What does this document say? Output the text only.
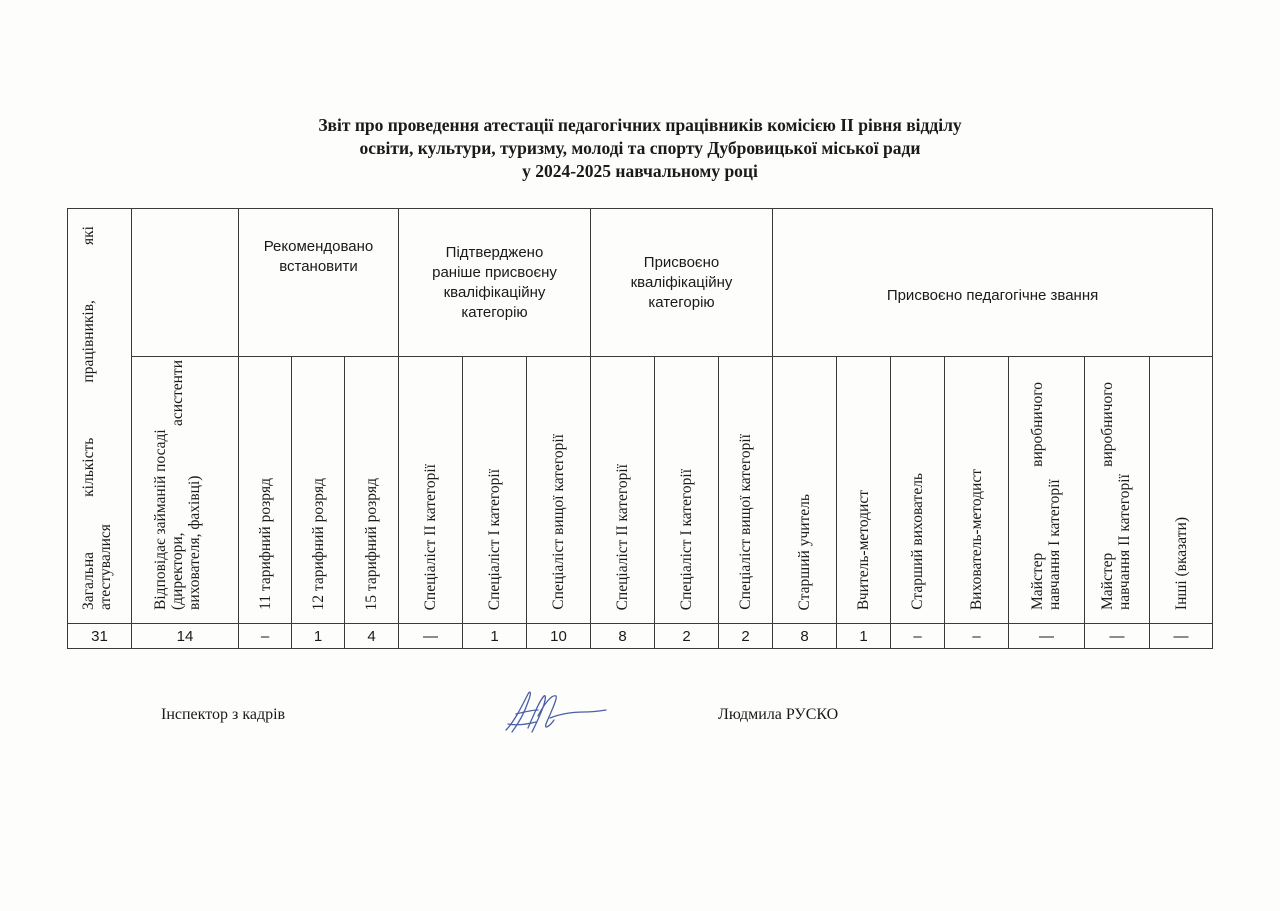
Звіт про проведення атестації педагогічних працівників комісією ІІ рівня відділу
освіти, культури, туризму, молоді та спорту Дубровицької міської ради
у 2024-2025 навчальному році
Загальна кількість працівників, які атестувалися		Рекомендовано встановити			Підтверджено раніше присвоєну кваліфікаційну категорію			Присвоєно кваліфікаційну категорію			Присвоєно педагогічне звання						

	Відповідає займаній посаді (директори, асистенти вихователя, фахівці)	11 тарифний розряд	12 тарифний розряд	15 тарифний розряд	Спеціаліст ІІ категорії	Спеціаліст І категорії	Спеціаліст вищої категорії	Спеціаліст ІІ категорії	Спеціаліст І категорії	Спеціаліст вищої категорії	Старший учитель	Вчитель-методист	Старший вихователь	Вихователь-методист	Майстер виробничого навчання І категорії	Майстер виробничого навчання ІІ категорії	Інші (вказати)
31	14	–	1	4	—	1	10	8	2	2	8	1	–	–	—	—	—
Інспектор з кадрів	Людмила РУСКО
